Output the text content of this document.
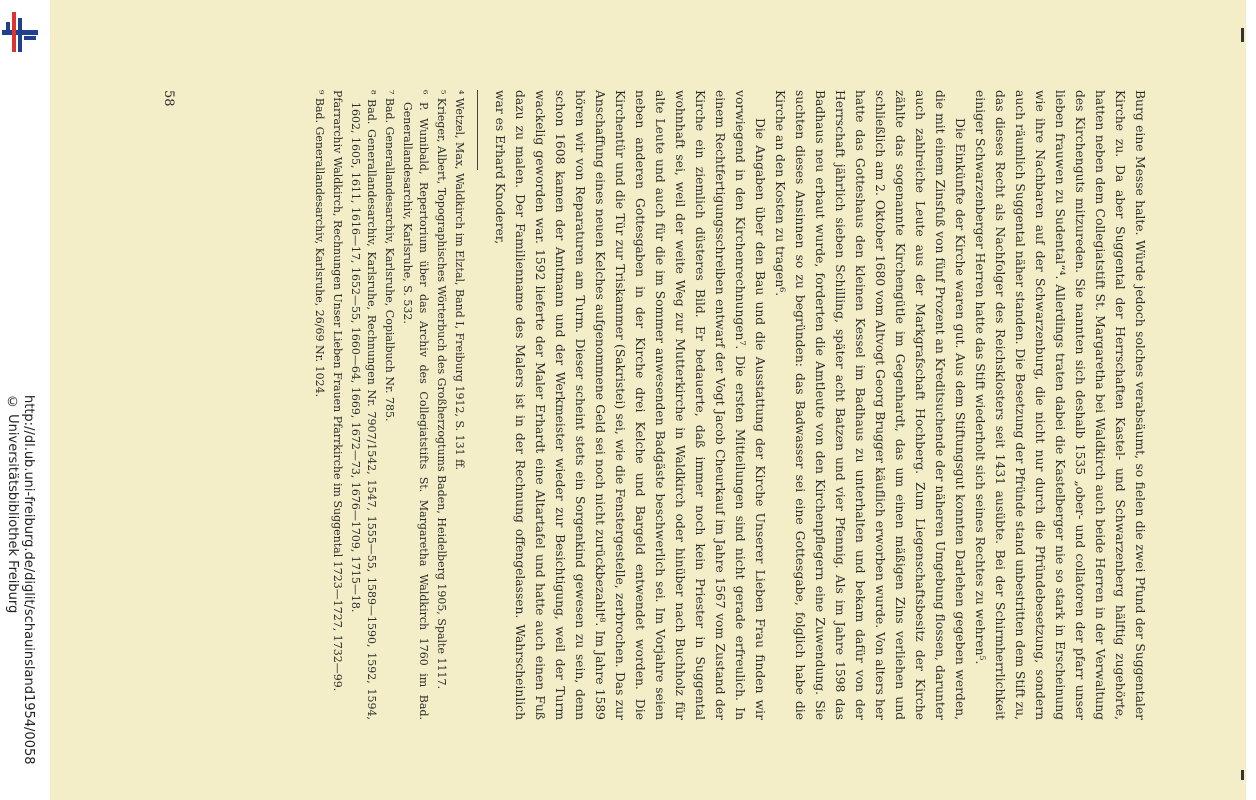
http://dl.ub.uni-freiburg.de/diglit/schauinsland1954/0058
© Universitätsbibliothek Freiburg	Burg eine Messe halte. Würde jedoch solches verabsäumt, so fielen die zwei Pfund der Suggentaler Kirche zu. Da aber Suggental der Herrschaften Kastel- und Schwarzenberg hälftig zugehörte, hatten neben dem Collegiatstift St. Margaretha bei Waldkirch auch beide Herren in der Verwaltung des Kirchenguts mitzureden. Sie nannten sich deshalb 1535 „ober- und collatoren der pfarr unser lieben frauwen zu Sudental“⁴. Allerdings traten dabei die Kastelberger nie so stark in Erscheinung wie ihre Nachbaren auf der Schwarzenburg, die nicht nur durch die Pfründebesetzung, sondern auch räumlich Suggental näher standen. Die Besetzung der Pfründe stand unbestritten dem Stift zu, das dieses Recht als Nachfolger des Reichsklosters seit 1431 ausübte. Bei der Schirmherrlichkeit einiger Schwarzenberger Herren hatte das Stift wiederholt sich seines Rechtes zu wehren⁵.

Die Einkünfte der Kirche waren gut. Aus dem Stiftungsgut konnten Darlehen gegeben werden, die mit einem Zinsfuß von fünf Prozent an Kreditsuchende der näheren Umgebung flossen, darunter auch zahlreiche Leute aus der Markgrafschaft Hochberg. Zum Liegenschaftsbesitz der Kirche zählte das sogenannte Kirchengütle im Gegenhardt, das um einen mäßigen Zins verliehen und schließlich am 2. Oktober 1680 vom Altvogt Georg Brugger käuflich erworben wurde. Von alters her hatte das Gotteshaus den kleinen Kessel im Badhaus zu unterhalten und bekam dafür von der Herrschaft jährlich sieben Schilling, später acht Batzen und vier Pfennig. Als im Jahre 1598 das Badhaus neu erbaut wurde, forderten die Amtleute von den Kirchenpflegern eine Zuwendung. Sie suchten dieses Ansinnen so zu begründen: das Badwasser sei eine Gottesgabe, folglich habe die Kirche an den Kosten zu tragen⁶.

Die Angaben über den Bau und die Ausstattung der Kirche Unserer Lieben Frau finden wir vorwiegend in den Kirchenrechnungen⁷. Die ersten Mitteilungen sind nicht gerade erfreulich. In einem Rechtfertigungsschreiben entwarf der Vogt Jacob Cheurkauf im Jahre 1567 vom Zustand der Kirche ein ziemlich düsteres Bild. Er bedauerte, daß immer noch kein Priester in Suggental wohnhaft sei, weil der weite Weg zur Mutterkirche in Waldkirch oder hinüber nach Buchholz für alte Leute und auch für die im Sommer anwesenden Badgäste beschwerlich sei. Im Vorjahre seien neben anderen Gottesgaben in der Kirche drei Kelche und Bargeld entwendet worden. Die Kirchentür und die Tür zur Triskammer (Sakristei) sei, wie die Fenstergestelle, zerbrochen. Das zur Anschaffung eines neuen Kelches aufgenommene Geld sei noch nicht zurückbezahlt⁸. Im Jahre 1589 hören wir von Reparaturen am Turm. Dieser scheint stets ein Sorgenkind gewesen zu sein, denn schon 1608 kamen der Amtmann und der Werkmeister wieder zur Besichtigung, weil der Turm wackelig geworden war. 1592 lieferte der Maler Erhardt eine Altartafel und hatte auch einen Fuß dazu zu malen. Der Familienname des Malers ist in der Rechnung offengelassen. Wahrscheinlich war es Erhard Knoderer,

⁴ Wetzel, Max, Waldkirch im Elztal, Band I, Freiburg 1912, S. 131 ff.

⁵ Krieger, Albert, Topographisches Wörterbuch des Großherzogtums Baden, Heidelberg 1905, Spalte 1117.

⁶ P. Wunibald, Repertorium über das Archiv des Collegiatstifts St. Margaretha Waldkirch 1760 im Bad. Generallandesarchiv, Karlsruhe, S. 532.

⁷ Bad. Generallandesarchiv, Karlsruhe, Copialbuch Nr. 785.

⁸ Bad. Generallandesarchiv, Karlsruhe, Rechnungen Nr. 7907/1542, 1547, 1555—55, 1589—1590, 1592, 1594, 1602, 1605, 1611, 1616—17, 1652—55, 1660—64, 1669, 1672—73, 1676—1709, 1715—18.

Pfarrarchiv Waldkirch, Rechnungen Unser Lieben Frauen Pfarrkirche im Suggental 1723—1727, 1732—99.

⁹ Bad. Generallandesarchiv, Karlsruhe, 26/69 Nr. 1024.

58
